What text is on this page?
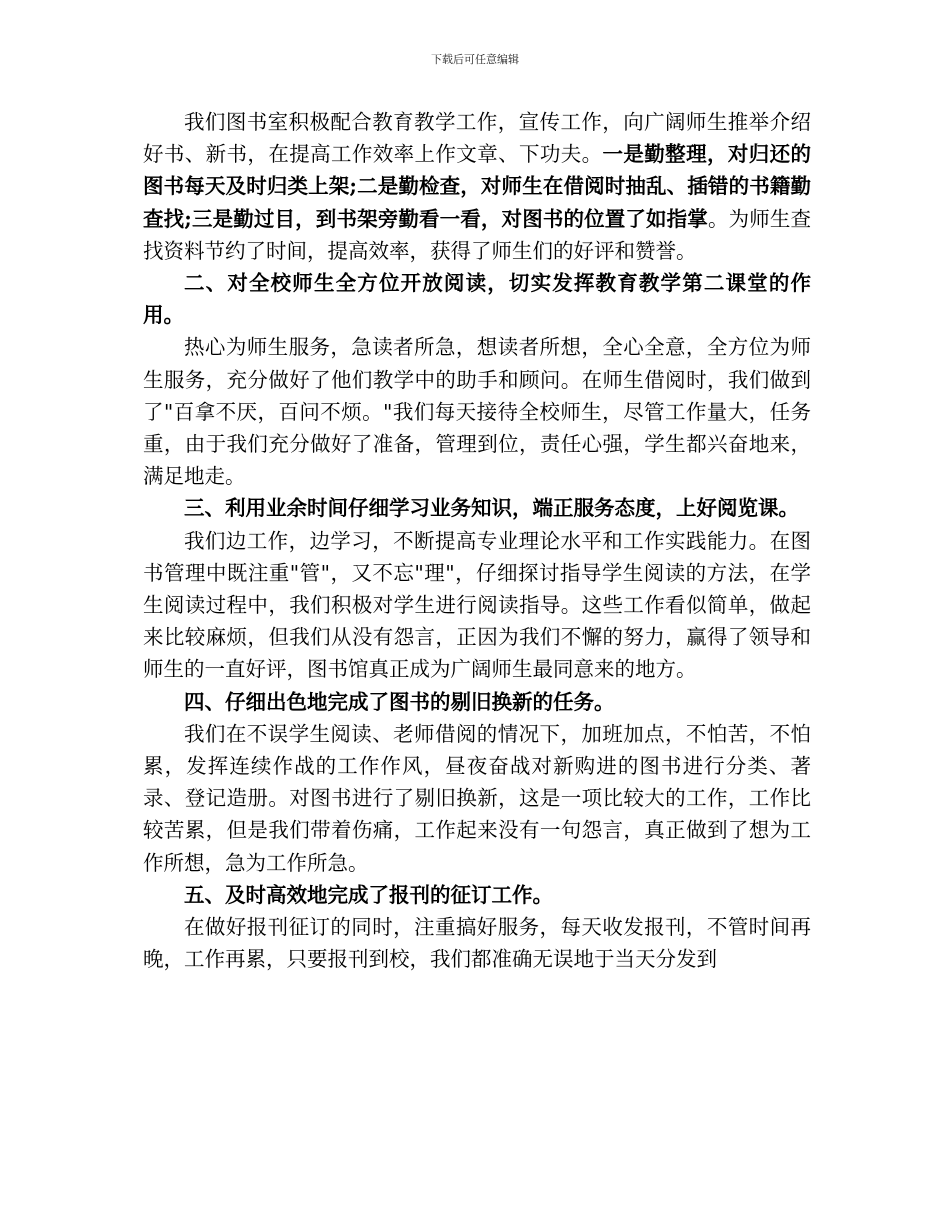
下载后可任意编辑

我们图书室积极配合教育教学工作，宣传工作，向广阔师生推举介绍好书、新书，在提高工作效率上作文章、下功夫。一是勤整理，对归还的图书每天及时归类上架;二是勤检查，对师生在借阅时抽乱、插错的书籍勤查找;三是勤过目，到书架旁勤看一看，对图书的位置了如指掌。为师生查找资料节约了时间，提高效率，获得了师生们的好评和赞誉。

二、对全校师生全方位开放阅读，切实发挥教育教学第二课堂的作用。

热心为师生服务，急读者所急，想读者所想，全心全意，全方位为师生服务，充分做好了他们教学中的助手和顾问。在师生借阅时，我们做到了"百拿不厌，百问不烦。"我们每天接待全校师生，尽管工作量大，任务重，由于我们充分做好了准备，管理到位，责任心强，学生都兴奋地来，满足地走。

三、利用业余时间仔细学习业务知识，端正服务态度，上好阅览课。

我们边工作，边学习，不断提高专业理论水平和工作实践能力。在图书管理中既注重"管"，又不忘"理"，仔细探讨指导学生阅读的方法，在学生阅读过程中，我们积极对学生进行阅读指导。这些工作看似简单，做起来比较麻烦，但我们从没有怨言，正因为我们不懈的努力，赢得了领导和师生的一直好评，图书馆真正成为广阔师生最同意来的地方。

四、仔细出色地完成了图书的剔旧换新的任务。

我们在不误学生阅读、老师借阅的情况下，加班加点，不怕苦，不怕累，发挥连续作战的工作作风，昼夜奋战对新购进的图书进行分类、著录、登记造册。对图书进行了剔旧换新，这是一项比较大的工作，工作比较苦累，但是我们带着伤痛，工作起来没有一句怨言，真正做到了想为工作所想，急为工作所急。

五、及时高效地完成了报刊的征订工作。

在做好报刊征订的同时，注重搞好服务，每天收发报刊，不管时间再晚，工作再累，只要报刊到校，我们都准确无误地于当天分发到
